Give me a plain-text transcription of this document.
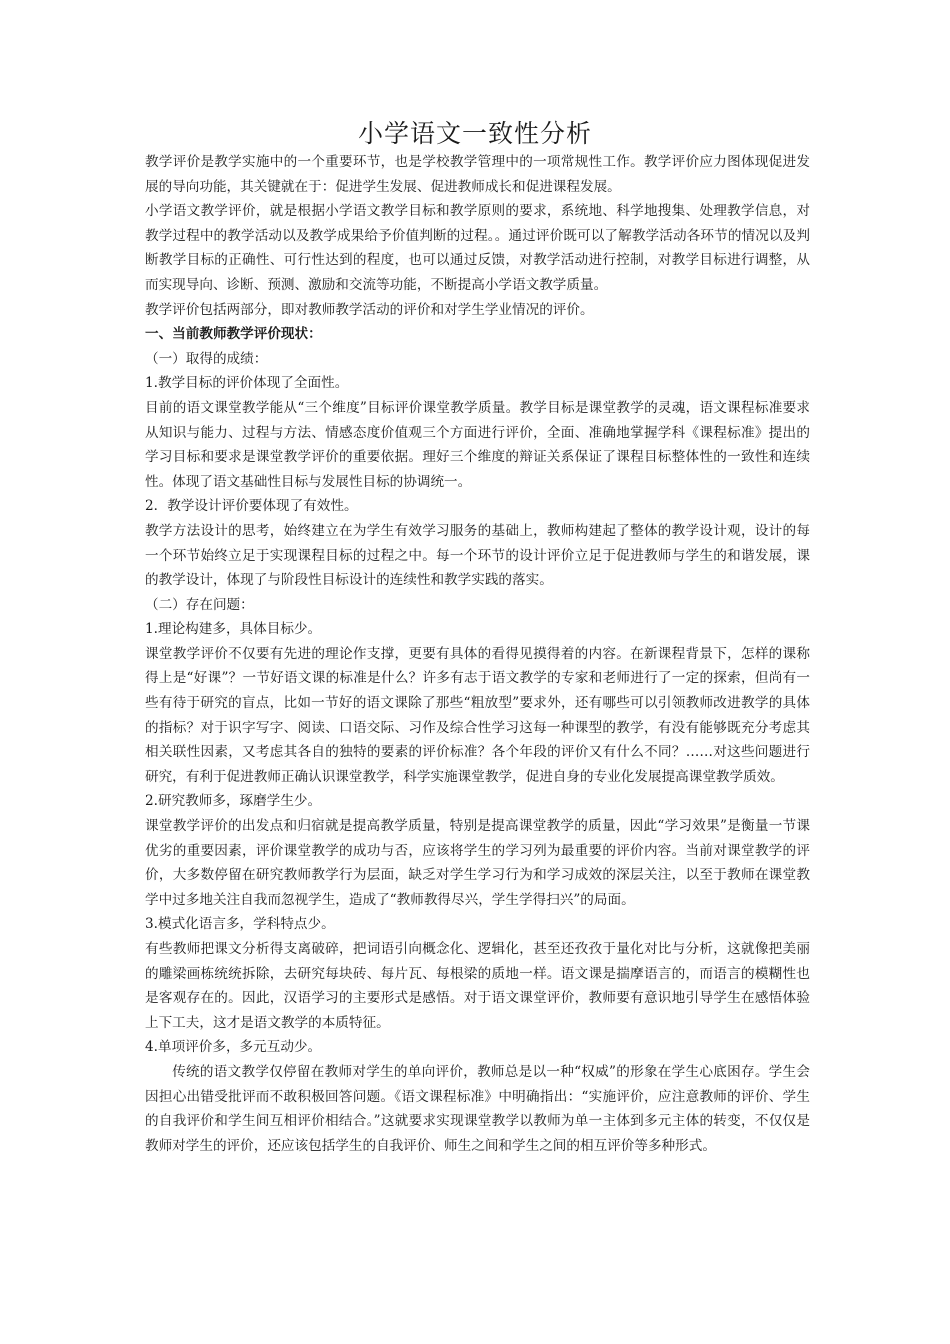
小学语文一致性分析

教学评价是教学实施中的一个重要环节，也是学校教学管理中的一项常规性工作。教学评价应力图体现促进发展的导向功能，其关键就在于：促进学生发展、促进教师成长和促进课程发展。

小学语文教学评价，就是根据小学语文教学目标和教学原则的要求，系统地、科学地搜集、处理教学信息，对教学过程中的教学活动以及教学成果给予价值判断的过程。。通过评价既可以了解教学活动各环节的情况以及判断教学目标的正确性、可行性达到的程度，也可以通过反馈，对教学活动进行控制，对教学目标进行调整，从而实现导向、诊断、预测、激励和交流等功能，不断提高小学语文教学质量。

教学评价包括两部分，即对教师教学活动的评价和对学生学业情况的评价。

一、当前教师教学评价现状：

（一）取得的成绩：

1.教学目标的评价体现了全面性。

目前的语文课堂教学能从“三个维度”目标评价课堂教学质量。教学目标是课堂教学的灵魂，语文课程标准要求从知识与能力、过程与方法、情感态度价值观三个方面进行评价，全面、准确地掌握学科《课程标准》提出的学习目标和要求是课堂教学评价的重要依据。理好三个维度的辩证关系保证了课程目标整体性的一致性和连续性。体现了语文基础性目标与发展性目标的协调统一。

2．教学设计评价要体现了有效性。

教学方法设计的思考，始终建立在为学生有效学习服务的基础上，教师构建起了整体的教学设计观，设计的每一个环节始终立足于实现课程目标的过程之中。每一个环节的设计评价立足于促进教师与学生的和谐发展，课的教学设计，体现了与阶段性目标设计的连续性和教学实践的落实。

（二）存在问题：

1.理论构建多，具体目标少。

课堂教学评价不仅要有先进的理论作支撑，更要有具体的看得见摸得着的内容。在新课程背景下，怎样的课称得上是“好课”？一节好语文课的标准是什么？许多有志于语文教学的专家和老师进行了一定的探索，但尚有一些有待于研究的盲点，比如一节好的语文课除了那些“粗放型”要求外，还有哪些可以引领教师改进教学的具体的指标？对于识字写字、阅读、口语交际、习作及综合性学习这每一种课型的教学，有没有能够既充分考虑其相关联性因素，又考虑其各自的独特的要素的评价标准？各个年段的评价又有什么不同？……对这些问题进行研究，有利于促进教师正确认识课堂教学，科学实施课堂教学，促进自身的专业化发展提高课堂教学质效。

2.研究教师多，琢磨学生少。

课堂教学评价的出发点和归宿就是提高教学质量，特别是提高课堂教学的质量，因此“学习效果”是衡量一节课优劣的重要因素，评价课堂教学的成功与否，应该将学生的学习列为最重要的评价内容。当前对课堂教学的评价，大多数停留在研究教师教学行为层面，缺乏对学生学习行为和学习成效的深层关注，以至于教师在课堂教学中过多地关注自我而忽视学生，造成了“教师教得尽兴，学生学得扫兴”的局面。

3.模式化语言多，学科特点少。

有些教师把课文分析得支离破碎，把词语引向概念化、逻辑化，甚至还孜孜于量化对比与分析，这就像把美丽的雕梁画栋统统拆除，去研究每块砖、每片瓦、每根梁的质地一样。语文课是揣摩语言的，而语言的模糊性也是客观存在的。因此，汉语学习的主要形式是感悟。对于语文课堂评价，教师要有意识地引导学生在感悟体验上下工夫，这才是语文教学的本质特征。

4.单项评价多，多元互动少。

传统的语文教学仅停留在教师对学生的单向评价，教师总是以一种“权威”的形象在学生心底困存。学生会因担心出错受批评而不敢积极回答问题。《语文课程标准》中明确指出：“实施评价，应注意教师的评价、学生的自我评价和学生间互相评价相结合。”这就要求实现课堂教学以教师为单一主体到多元主体的转变，不仅仅是教师对学生的评价，还应该包括学生的自我评价、师生之间和学生之间的相互评价等多种形式。
